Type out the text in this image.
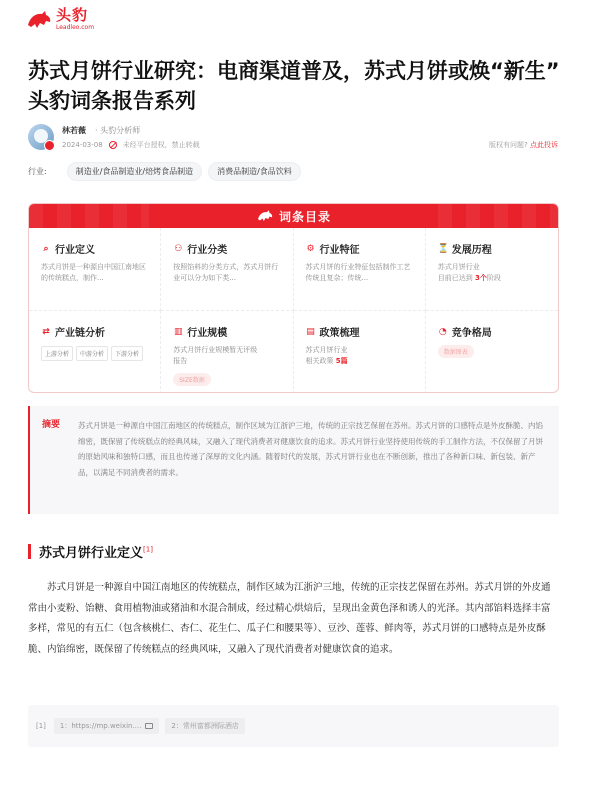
头豹
Leadleo.com
苏式月饼行业研究：电商渠道普及，苏式月饼或焕“新生” 头豹词条报告系列
林若薇 · 头豹分析师
2024-03-08	未经平台授权，禁止转载	版权有问题? 点此投诉
行业:	制造业/食品制造业/焙烤食品制造	消费品制造/食品饮料
词条目录
⌕ 行业定义
苏式月饼是一种源自中国江南地区的传统糕点，制作...
⚇ 行业分类
按照馅料的分类方式，苏式月饼行业可以分为如下类...
⚙ 行业特征
苏式月饼的行业特征包括制作工艺传统且复杂；传统...
⏳ 发展历程
苏式月饼行业
目前已达到 3个阶段
⇄ 产业链分析
上游分析	中游分析	下游分析
▥ 行业规模
苏式月饼行业规模暂无评级报告
SIZE数据
▤ 政策梳理
苏式月饼行业
相关政策 5篇
◔ 竞争格局
数据图表
摘要 苏式月饼是一种源自中国江南地区的传统糕点，制作区域为江浙沪三地，传统的正宗技艺保留在苏州。苏式月饼的口感特点是外皮酥脆、内馅绵密，既保留了传统糕点的经典风味，又融入了现代消费者对健康饮食的追求。苏式月饼行业坚持使用传统的手工制作方法，不仅保留了月饼的原始风味和独特口感，而且也传递了深厚的文化内涵。随着时代的发展，苏式月饼行业也在不断创新，推出了各种新口味、新包装、新产品，以满足不同消费者的需求。

苏式月饼行业定义[1]

苏式月饼是一种源自中国江南地区的传统糕点，制作区域为江浙沪三地，传统的正宗技艺保留在苏州。苏式月饼的外皮通常由小麦粉、饴糖、食用植物油或猪油和水混合制成，经过精心烘焙后，呈现出金黄色泽和诱人的光泽。其内部馅料选择丰富多样，常见的有五仁（包含核桃仁、杏仁、花生仁、瓜子仁和腰果等）、豆沙、莲蓉、鲜肉等，苏式月饼的口感特点是外皮酥脆、内馅绵密，既保留了传统糕点的经典风味，又融入了现代消费者对健康饮食的追求。

[1] 1：https://mp.weixin....	2：常州富都洲际酒店
